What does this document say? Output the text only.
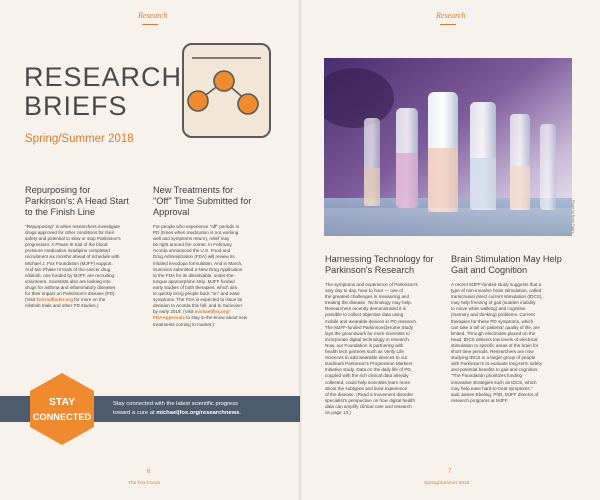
Research
RESEARCH
BRIEFS
Spring/Summer 2018
Repurposing for
Parkinson's: A Head Start
to the Finish Line
"Repurposing" is when researchers investigate
drugs approved for other conditions for their
safety and potential to slow or stop Parkinson's
progression. A Phase III trial of the blood
pressure medication isradipine completed
recruitment six months ahead of schedule with
Michael J. Fox Foundation (MJFF) support.
And two Phase III trials of the cancer drug
nilotinib, one funded by MJFF, are recruiting
volunteers. Scientists also are looking into
drugs for asthma and inflammatory diseases
for their impact on Parkinson's disease (PD).
(Visit foxtrialfinder.org for more on the
nilotinib trials and other PD studies.)
New Treatments for
"Off" Time Submitted for
Approval
For people who experience "off" periods in
PD (times when medication is not working
well and symptoms return), relief may
be right around the corner. In February,
Acorda announced the U.S. Food and
Drug Administration (FDA) will review its
inhaled levodopa formulation. And in March,
Sunovion submitted a New Drug Application
to the FDA for its dissolvable, under-the-
tongue apomorphine strip. MJFF funded
early studies of both therapies, which aim
to quickly bring people back "on" and ease
symptoms. The FDA is expected to issue its
decision to Acorda this fall, and to Sunovion
by early 2019. (Visit michaeljfox.org/
FDAApprovals to stay in-the-know about new
treatments coming to market.)
Stay connected with the latest scientific progress
toward a cure at michaeljfox.org/researchnews.
STAY
CONNECTED
6
The Fox Focus
Research
Photo by Rush Tigers
Harnessing Technology for
Parkinson's Research
The symptoms and experience of Parkinson's
vary day to day, hour to hour — one of
the greatest challenges in measuring and
treating the disease. Technology may help.
Researchers recently demonstrated it is
possible to collect objective data using
mobile and wearable devices in PD research.
The MJFF-funded Parkinson@Home Study
lays the groundwork for more scientists to
incorporate digital technology in research.
Now, our Foundation is partnering with
health tech partners such as Verily Life
Sciences to add wearable devices to our
landmark Parkinson's Progression Markers
Initiative study. Data on the daily life of PD,
coupled with the rich clinical data already
collected, could help scientists learn more
about the subtypes and lived experience
of the disease. (Read a movement disorder
specialist's perspective on how digital health
data can amplify clinical care and research
on page 14.)
Brain Stimulation May Help
Gait and Cognition
A recent MJFF-funded study suggests that a
type of non-invasive brain stimulation, called
transcranial direct current stimulation (tDCS),
may help freezing of gait (sudden inability
to move while walking) and cognitive
(memory and thinking) problems. Current
therapies for these PD symptoms, which
can take a toll on patients' quality of life, are
limited. Through electrodes placed on the
head, tDCS delivers low levels of electrical
stimulation to specific areas of the brain for
short time periods. Researchers are now
studying tDCS in a larger group of people
with Parkinson's to evaluate long-term safety
and potential benefits to gait and cognition.
"The Foundation prioritizes funding
innovative strategies such as tDCS, which
may help ease hard-to-treat symptoms,"
said James Ebeling, PhD, MJFF director of
research programs at MJFF.
7
Spring/Summer 2018
